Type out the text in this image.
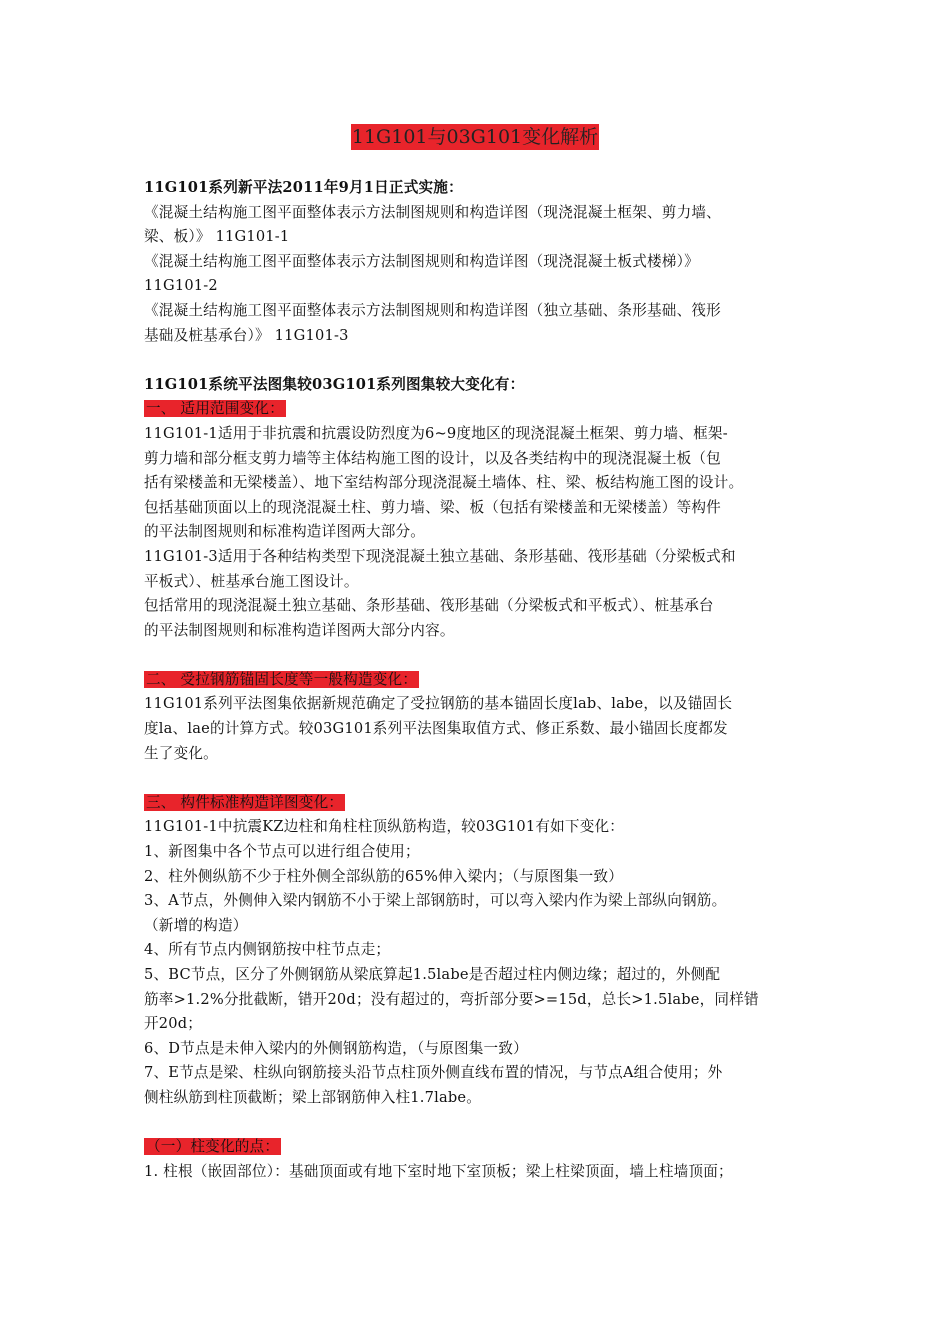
11G101与03G101变化解析
11G101系列新平法2011年9月1日正式实施：
《混凝土结构施工图平面整体表示方法制图规则和构造详图（现浇混凝土框架、剪力墙、
梁、板）》 11G101-1
《混凝土结构施工图平面整体表示方法制图规则和构造详图（现浇混凝土板式楼梯）》
11G101-2
《混凝土结构施工图平面整体表示方法制图规则和构造详图（独立基础、条形基础、筏形
基础及桩基承台）》 11G101-3
11G101系统平法图集较03G101系列图集较大变化有：
一、 适用范围变化：
11G101-1适用于非抗震和抗震设防烈度为6~9度地区的现浇混凝土框架、剪力墙、框架-
剪力墙和部分框支剪力墙等主体结构施工图的设计，以及各类结构中的现浇混凝土板（包
括有梁楼盖和无梁楼盖）、地下室结构部分现浇混凝土墙体、柱、梁、板结构施工图的设计。
包括基础顶面以上的现浇混凝土柱、剪力墙、梁、板（包括有梁楼盖和无梁楼盖）等构件
的平法制图规则和标准构造详图两大部分。
11G101-3适用于各种结构类型下现浇混凝土独立基础、条形基础、筏形基础（分梁板式和
平板式）、桩基承台施工图设计。
包括常用的现浇混凝土独立基础、条形基础、筏形基础（分梁板式和平板式）、桩基承台
的平法制图规则和标准构造详图两大部分内容。
二、 受拉钢筋锚固长度等一般构造变化：
11G101系列平法图集依据新规范确定了受拉钢筋的基本锚固长度lab、labe，以及锚固长
度la、lae的计算方式。较03G101系列平法图集取值方式、修正系数、最小锚固长度都发
生了变化。
三、 构件标准构造详图变化：
11G101-1中抗震KZ边柱和角柱柱顶纵筋构造，较03G101有如下变化：
1、新图集中各个节点可以进行组合使用；
2、柱外侧纵筋不少于柱外侧全部纵筋的65%伸入梁内；（与原图集一致）
3、A节点，外侧伸入梁内钢筋不小于梁上部钢筋时，可以弯入梁内作为梁上部纵向钢筋。
（新增的构造）
4、所有节点内侧钢筋按中柱节点走；
5、BC节点，区分了外侧钢筋从梁底算起1.5labe是否超过柱内侧边缘；超过的，外侧配
筋率>1.2%分批截断，错开20d；没有超过的，弯折部分要>=15d，总长>1.5labe，同样错
开20d；
6、D节点是未伸入梁内的外侧钢筋构造，（与原图集一致）
7、E节点是梁、柱纵向钢筋接头沿节点柱顶外侧直线布置的情况，与节点A组合使用；外
侧柱纵筋到柱顶截断；梁上部钢筋伸入柱1.7labe。
（一）柱变化的点：
1. 柱根（嵌固部位）：基础顶面或有地下室时地下室顶板；梁上柱梁顶面，墙上柱墙顶面；
